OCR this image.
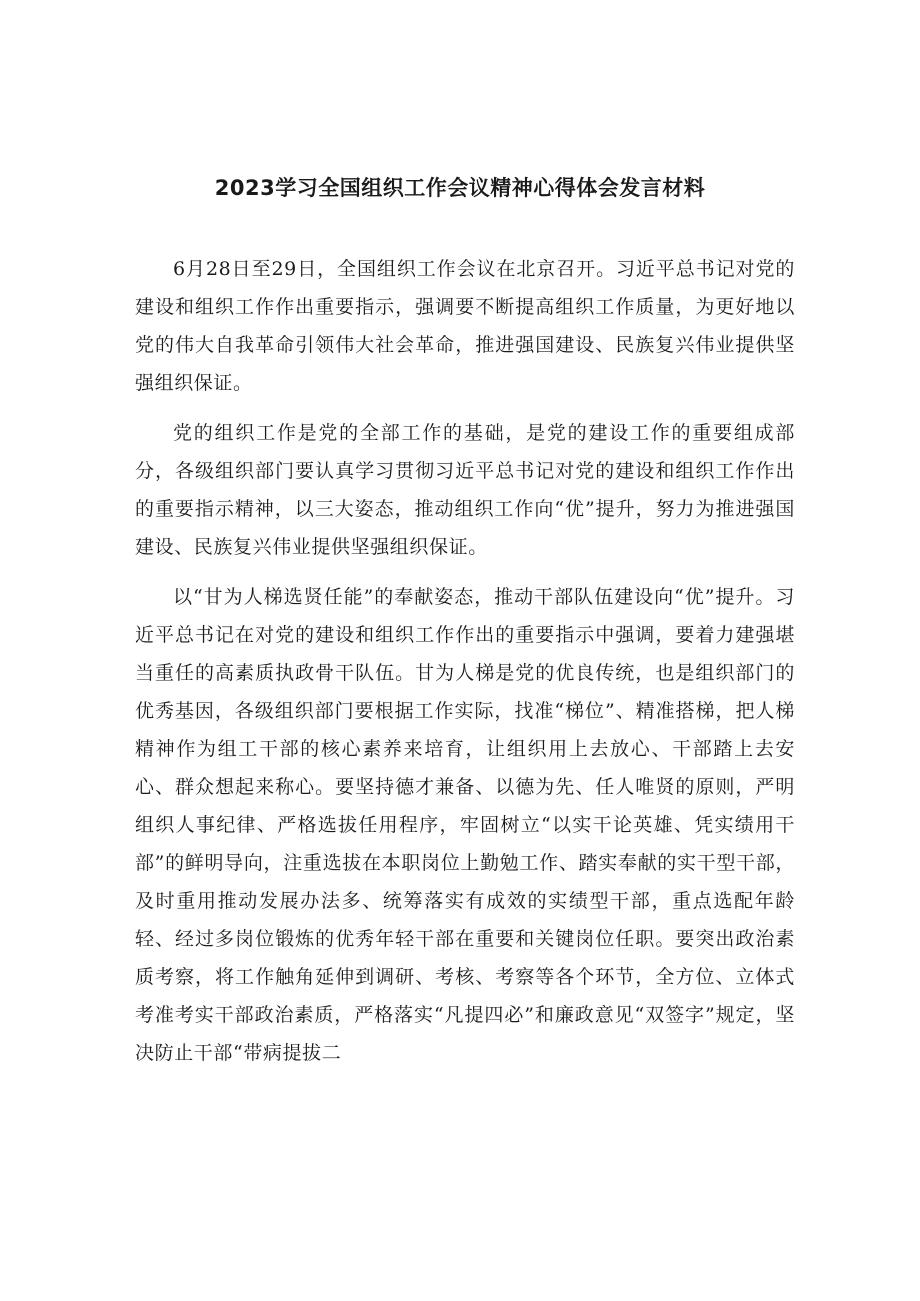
2023学习全国组织工作会议精神心得体会发言材料

6月28日至29日，全国组织工作会议在北京召开。习近平总书记对党的建设和组织工作作出重要指示，强调要不断提高组织工作质量，为更好地以党的伟大自我革命引领伟大社会革命，推进强国建设、民族复兴伟业提供坚强组织保证。

党的组织工作是党的全部工作的基础，是党的建设工作的重要组成部分，各级组织部门要认真学习贯彻习近平总书记对党的建设和组织工作作出的重要指示精神，以三大姿态，推动组织工作向“优”提升，努力为推进强国建设、民族复兴伟业提供坚强组织保证。

以“甘为人梯选贤任能”的奉献姿态，推动干部队伍建设向“优”提升。习近平总书记在对党的建设和组织工作作出的重要指示中强调，要着力建强堪当重任的高素质执政骨干队伍。甘为人梯是党的优良传统，也是组织部门的优秀基因，各级组织部门要根据工作实际，找准“梯位”、精准搭梯，把人梯精神作为组工干部的核心素养来培育，让组织用上去放心、干部踏上去安心、群众想起来称心。要坚持德才兼备、以德为先、任人唯贤的原则，严明组织人事纪律、严格选拔任用程序，牢固树立“以实干论英雄、凭实绩用干部”的鲜明导向，注重选拔在本职岗位上勤勉工作、踏实奉献的实干型干部，及时重用推动发展办法多、统筹落实有成效的实绩型干部，重点选配年龄轻、经过多岗位锻炼的优秀年轻干部在重要和关键岗位任职。要突出政治素质考察，将工作触角延伸到调研、考核、考察等各个环节，全方位、立体式考准考实干部政治素质，严格落实“凡提四必”和廉政意见“双签字”规定，坚决防止干部“带病提拔二
